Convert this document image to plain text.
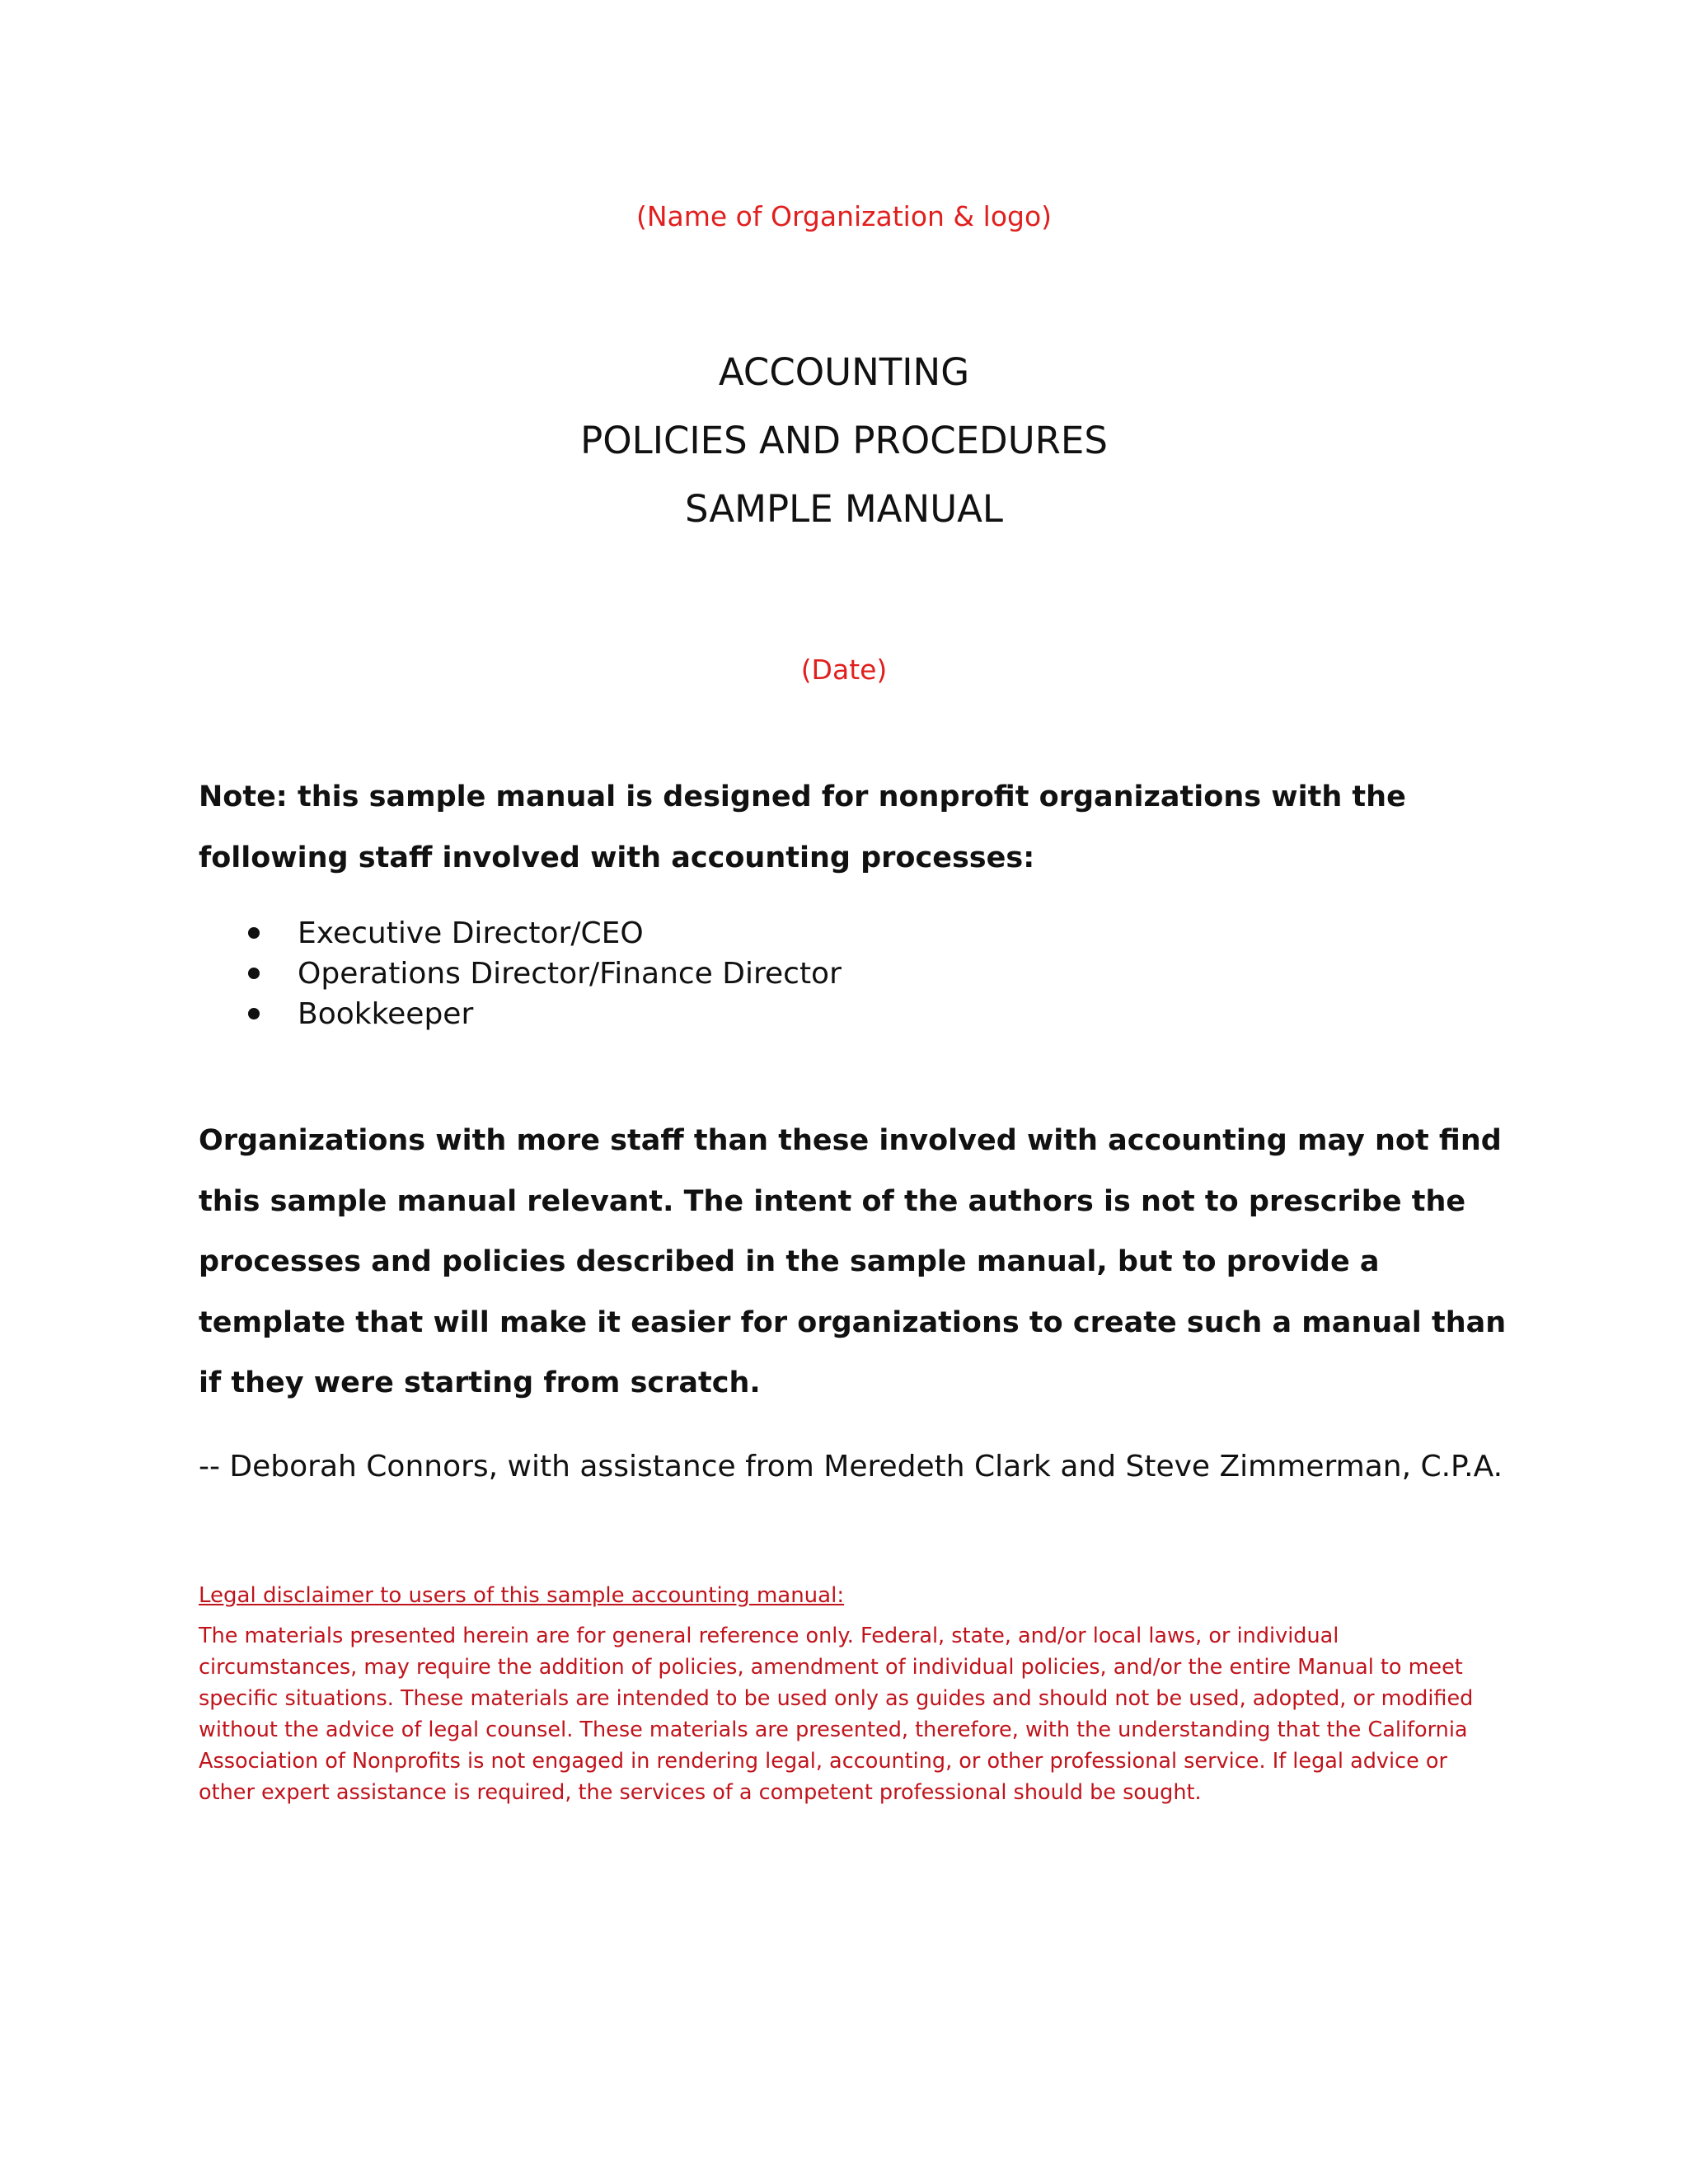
(Name of Organization & logo)
ACCOUNTING
POLICIES AND PROCEDURES
SAMPLE MANUAL
(Date)

Note: this sample manual is designed for nonprofit organizations with the following staff involved with accounting processes:

Executive Director/CEO
Operations Director/Finance Director
Bookkeeper

Organizations with more staff than these involved with accounting may not find this sample manual relevant. The intent of the authors is not to prescribe the processes and policies described in the sample manual, but to provide a template that will make it easier for organizations to create such a manual than if they were starting from scratch.

-- Deborah Connors, with assistance from Meredeth Clark and Steve Zimmerman, C.P.A.
Legal disclaimer to users of this sample accounting manual:

The materials presented herein are for general reference only. Federal, state, and/or local laws, or individual circumstances, may require the addition of policies, amendment of individual policies, and/or the entire Manual to meet specific situations. These materials are intended to be used only as guides and should not be used, adopted, or modified without the advice of legal counsel. These materials are presented, therefore, with the understanding that the California Association of Nonprofits is not engaged in rendering legal, accounting, or other professional service. If legal advice or other expert assistance is required, the services of a competent professional should be sought.
